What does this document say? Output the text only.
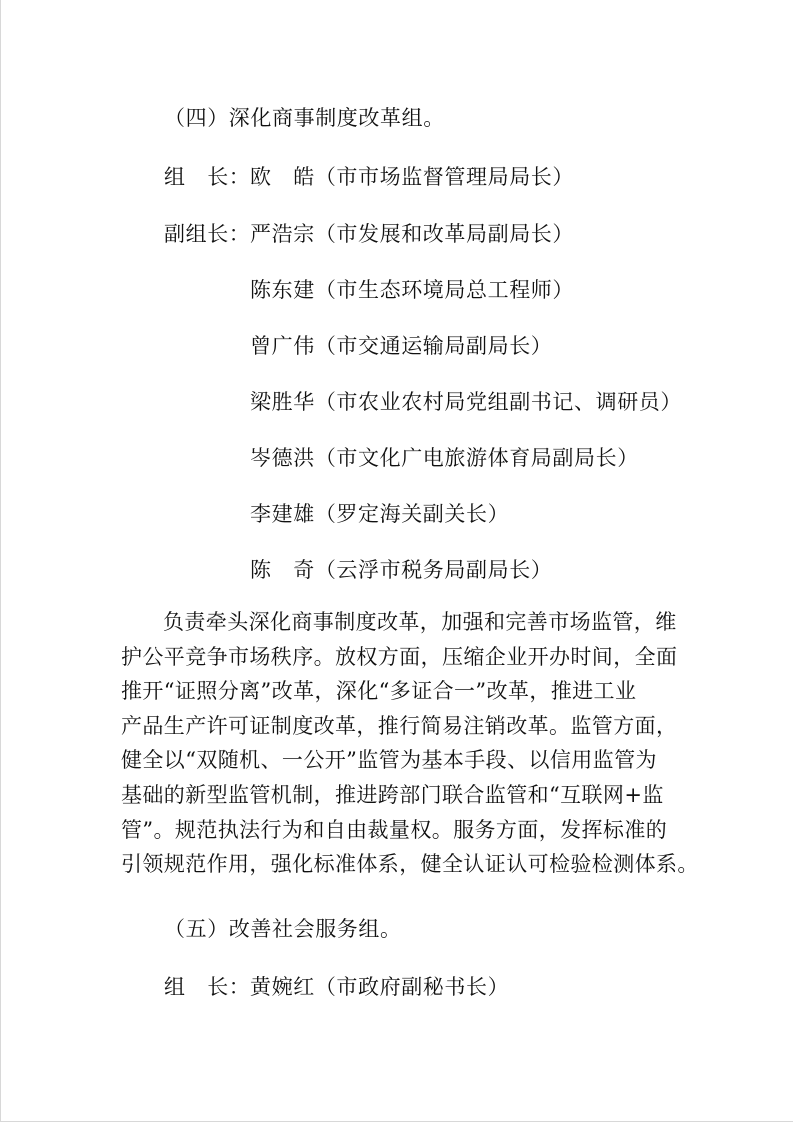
（四）深化商事制度改革组。
组　长：欧　皓（市市场监督管理局局长）
副组长：严浩宗（市发展和改革局副局长）
陈东建（市生态环境局总工程师）
曾广伟（市交通运输局副局长）
梁胜华（市农业农村局党组副书记、调研员）
岑德洪（市文化广电旅游体育局副局长）
李建雄（罗定海关副关长）
陈　奇（云浮市税务局副局长）
负责牵头深化商事制度改革，加强和完善市场监管，维
护公平竞争市场秩序。放权方面，压缩企业开办时间，全面
推开“证照分离”改革，深化“多证合一”改革，推进工业
产品生产许可证制度改革，推行简易注销改革。监管方面，
健全以“双随机、一公开”监管为基本手段、以信用监管为
基础的新型监管机制，推进跨部门联合监管和“互联网+监
管”。规范执法行为和自由裁量权。服务方面，发挥标准的
引领规范作用，强化标准体系，健全认证认可检验检测体系。
（五）改善社会服务组。
组　长：黄婉红（市政府副秘书长）
